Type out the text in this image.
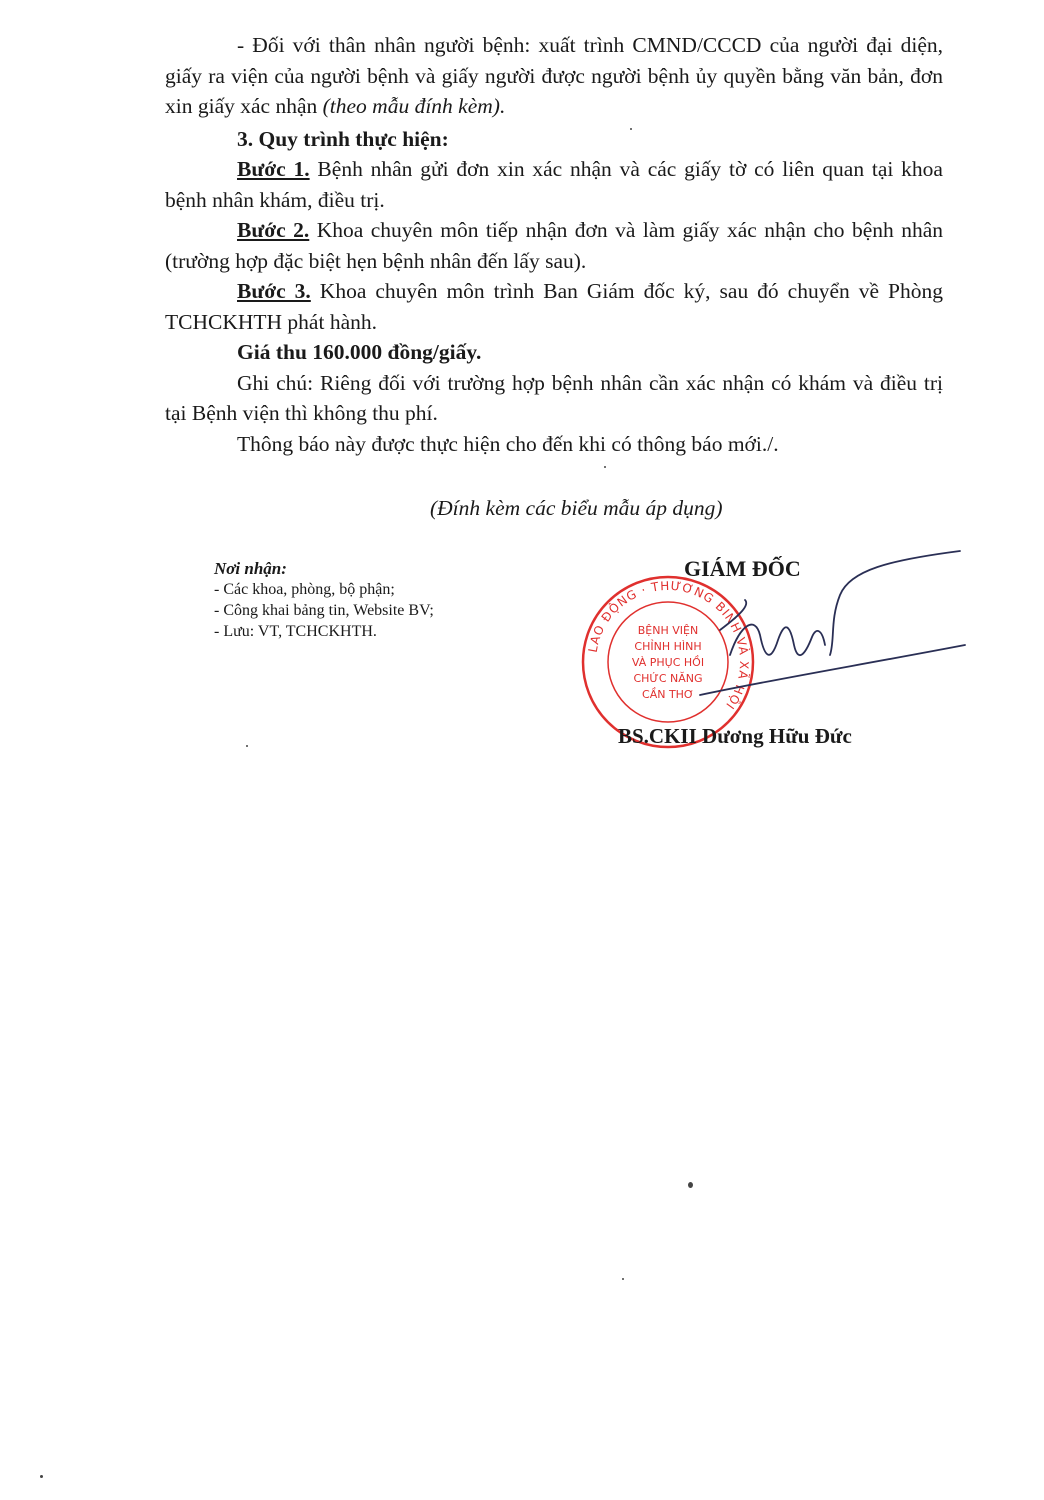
- Đối với thân nhân người bệnh: xuất trình CMND/CCCD của người đại diện, giấy ra viện của người bệnh và giấy người được người bệnh ủy quyền bằng văn bản, đơn xin giấy xác nhận (theo mẫu đính kèm).

3. Quy trình thực hiện:

Bước 1. Bệnh nhân gửi đơn xin xác nhận và các giấy tờ có liên quan tại khoa bệnh nhân khám, điều trị.

Bước 2. Khoa chuyên môn tiếp nhận đơn và làm giấy xác nhận cho bệnh nhân (trường hợp đặc biệt hẹn bệnh nhân đến lấy sau).

Bước 3. Khoa chuyên môn trình Ban Giám đốc ký, sau đó chuyển về Phòng TCHCKHTH phát hành.

Giá thu 160.000 đồng/giấy.

Ghi chú: Riêng đối với trường hợp bệnh nhân cần xác nhận có khám và điều trị tại Bệnh viện thì không thu phí.

Thông báo này được thực hiện cho đến khi có thông báo mới./.

(Đính kèm các biểu mẫu áp dụng)
Nơi nhận:
- Các khoa, phòng, bộ phận;
- Công khai bảng tin, Website BV;
- Lưu: VT, TCHCKHTH.
GIÁM ĐỐC
LAO ĐỘNG · THƯƠNG BINH VÀ XÃ HỘI
BỆNH VIỆN
CHỈNH HÌNH
VÀ PHỤC HỒI
CHỨC NĂNG
CẦN THƠ
BS.CKII Dương Hữu Đức
